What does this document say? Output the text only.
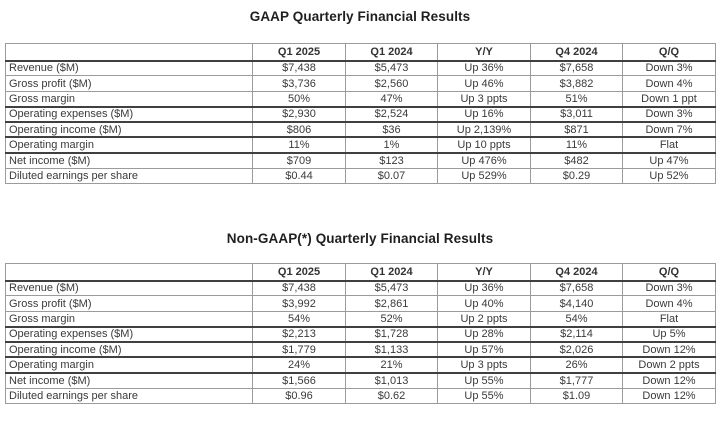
GAAP Quarterly Financial Results
	Q1 2025	Q1 2024	Y/Y	Q4 2024	Q/Q
Revenue ($M)	$7,438	$5,473	Up 36%	$7,658	Down 3%
Gross profit ($M)	$3,736	$2,560	Up 46%	$3,882	Down 4%
Gross margin	50%	47%	Up 3 ppts	51%	Down 1 ppt
Operating expenses ($M)	$2,930	$2,524	Up 16%	$3,011	Down 3%
Operating income ($M)	$806	$36	Up 2,139%	$871	Down 7%
Operating margin	11%	1%	Up 10 ppts	11%	Flat
Net income ($M)	$709	$123	Up 476%	$482	Up 47%
Diluted earnings per share	$0.44	$0.07	Up 529%	$0.29	Up 52%
Non-GAAP(*) Quarterly Financial Results
	Q1 2025	Q1 2024	Y/Y	Q4 2024	Q/Q
Revenue ($M)	$7,438	$5,473	Up 36%	$7,658	Down 3%
Gross profit ($M)	$3,992	$2,861	Up 40%	$4,140	Down 4%
Gross margin	54%	52%	Up 2 ppts	54%	Flat
Operating expenses ($M)	$2,213	$1,728	Up 28%	$2,114	Up 5%
Operating income ($M)	$1,779	$1,133	Up 57%	$2,026	Down 12%
Operating margin	24%	21%	Up 3 ppts	26%	Down 2 ppts
Net income ($M)	$1,566	$1,013	Up 55%	$1,777	Down 12%
Diluted earnings per share	$0.96	$0.62	Up 55%	$1.09	Down 12%
